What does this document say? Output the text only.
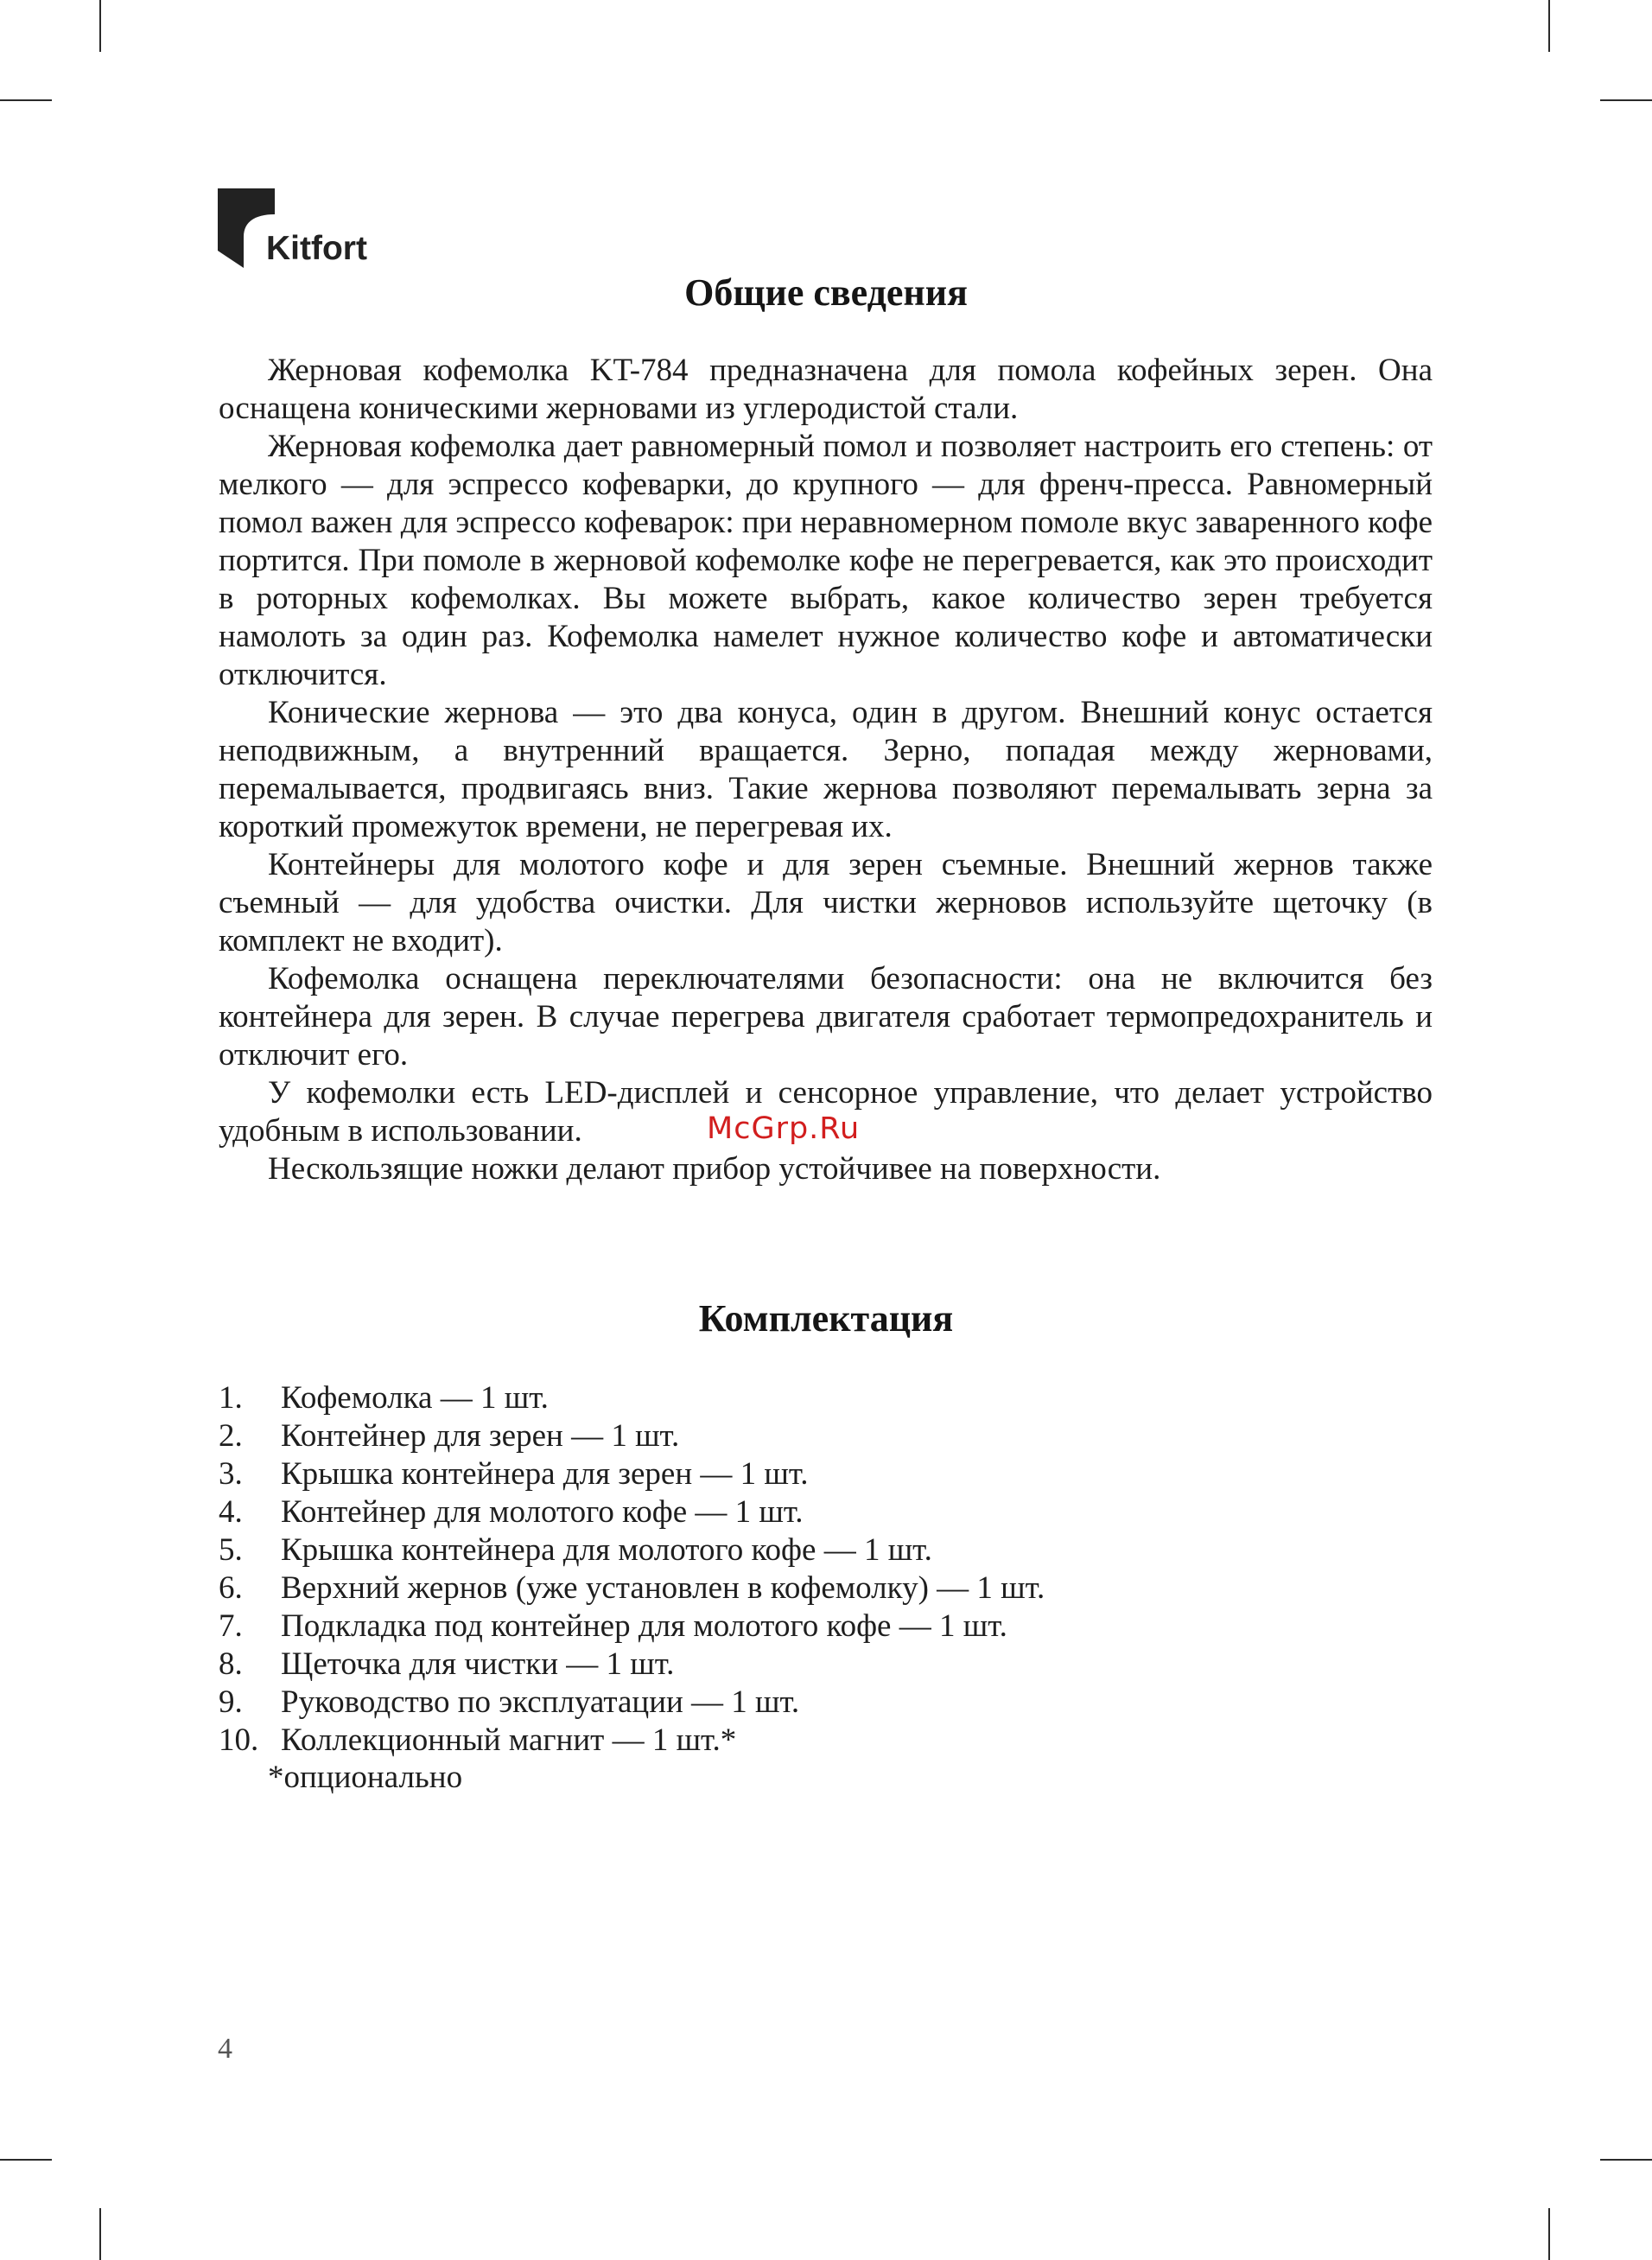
Kitfort
Общие сведения

Жерновая кофемолка KT-784 предназначена для помола кофейных зерен. Она оснащена коническими жерновами из углеродистой стали.

Жерновая кофемолка дает равномерный помол и позволяет настроить его степень: от мелкого — для эспрессо кофеварки, до крупного — для френч-пресса. Равномерный помол важен для эспрессо кофеварок: при неравномерном помоле вкус заваренного кофе портится. При помоле в жерновой кофемолке кофе не перегревается, как это происходит в роторных кофемолках. Вы можете выбрать, какое количество зерен требуется намолоть за один раз. Кофемолка намелет нужное количество кофе и автоматически отключится.

Конические жернова — это два конуса, один в другом. Внешний конус остается неподвижным, а внутренний вращается. Зерно, попадая между жерновами, перемалывается, продвигаясь вниз. Такие жернова позволяют перемалывать зерна за короткий промежуток времени, не перегревая их.

Контейнеры для молотого кофе и для зерен съемные. Внешний жернов также съемный — для удобства очистки. Для чистки жерновов используйте щеточку (в комплект не входит).

Кофемолка оснащена переключателями безопасности: она не включится без контейнера для зерен. В случае перегрева двигателя сработает термопредохранитель и отключит его.

У кофемолки есть LED-дисплей и сенсорное управление, что делает устройство удобным в использовании.

Нескользящие ножки делают прибор устойчивее на поверхности.

McGrp.Ru
Комплектация
1.	Кофемолка — 1 шт.
2.	Контейнер для зерен — 1 шт.
3.	Крышка контейнера для зерен — 1 шт.
4.	Контейнер для молотого кофе — 1 шт.
5.	Крышка контейнера для молотого кофе — 1 шт.
6.	Верхний жернов (уже установлен в кофемолку) — 1 шт.
7.	Подкладка под контейнер для молотого кофе — 1 шт.
8.	Щеточка для чистки — 1 шт.
9.	Руководство по эксплуатации — 1 шт.
10. Коллекционный магнит — 1 шт.*
*опционально
4
